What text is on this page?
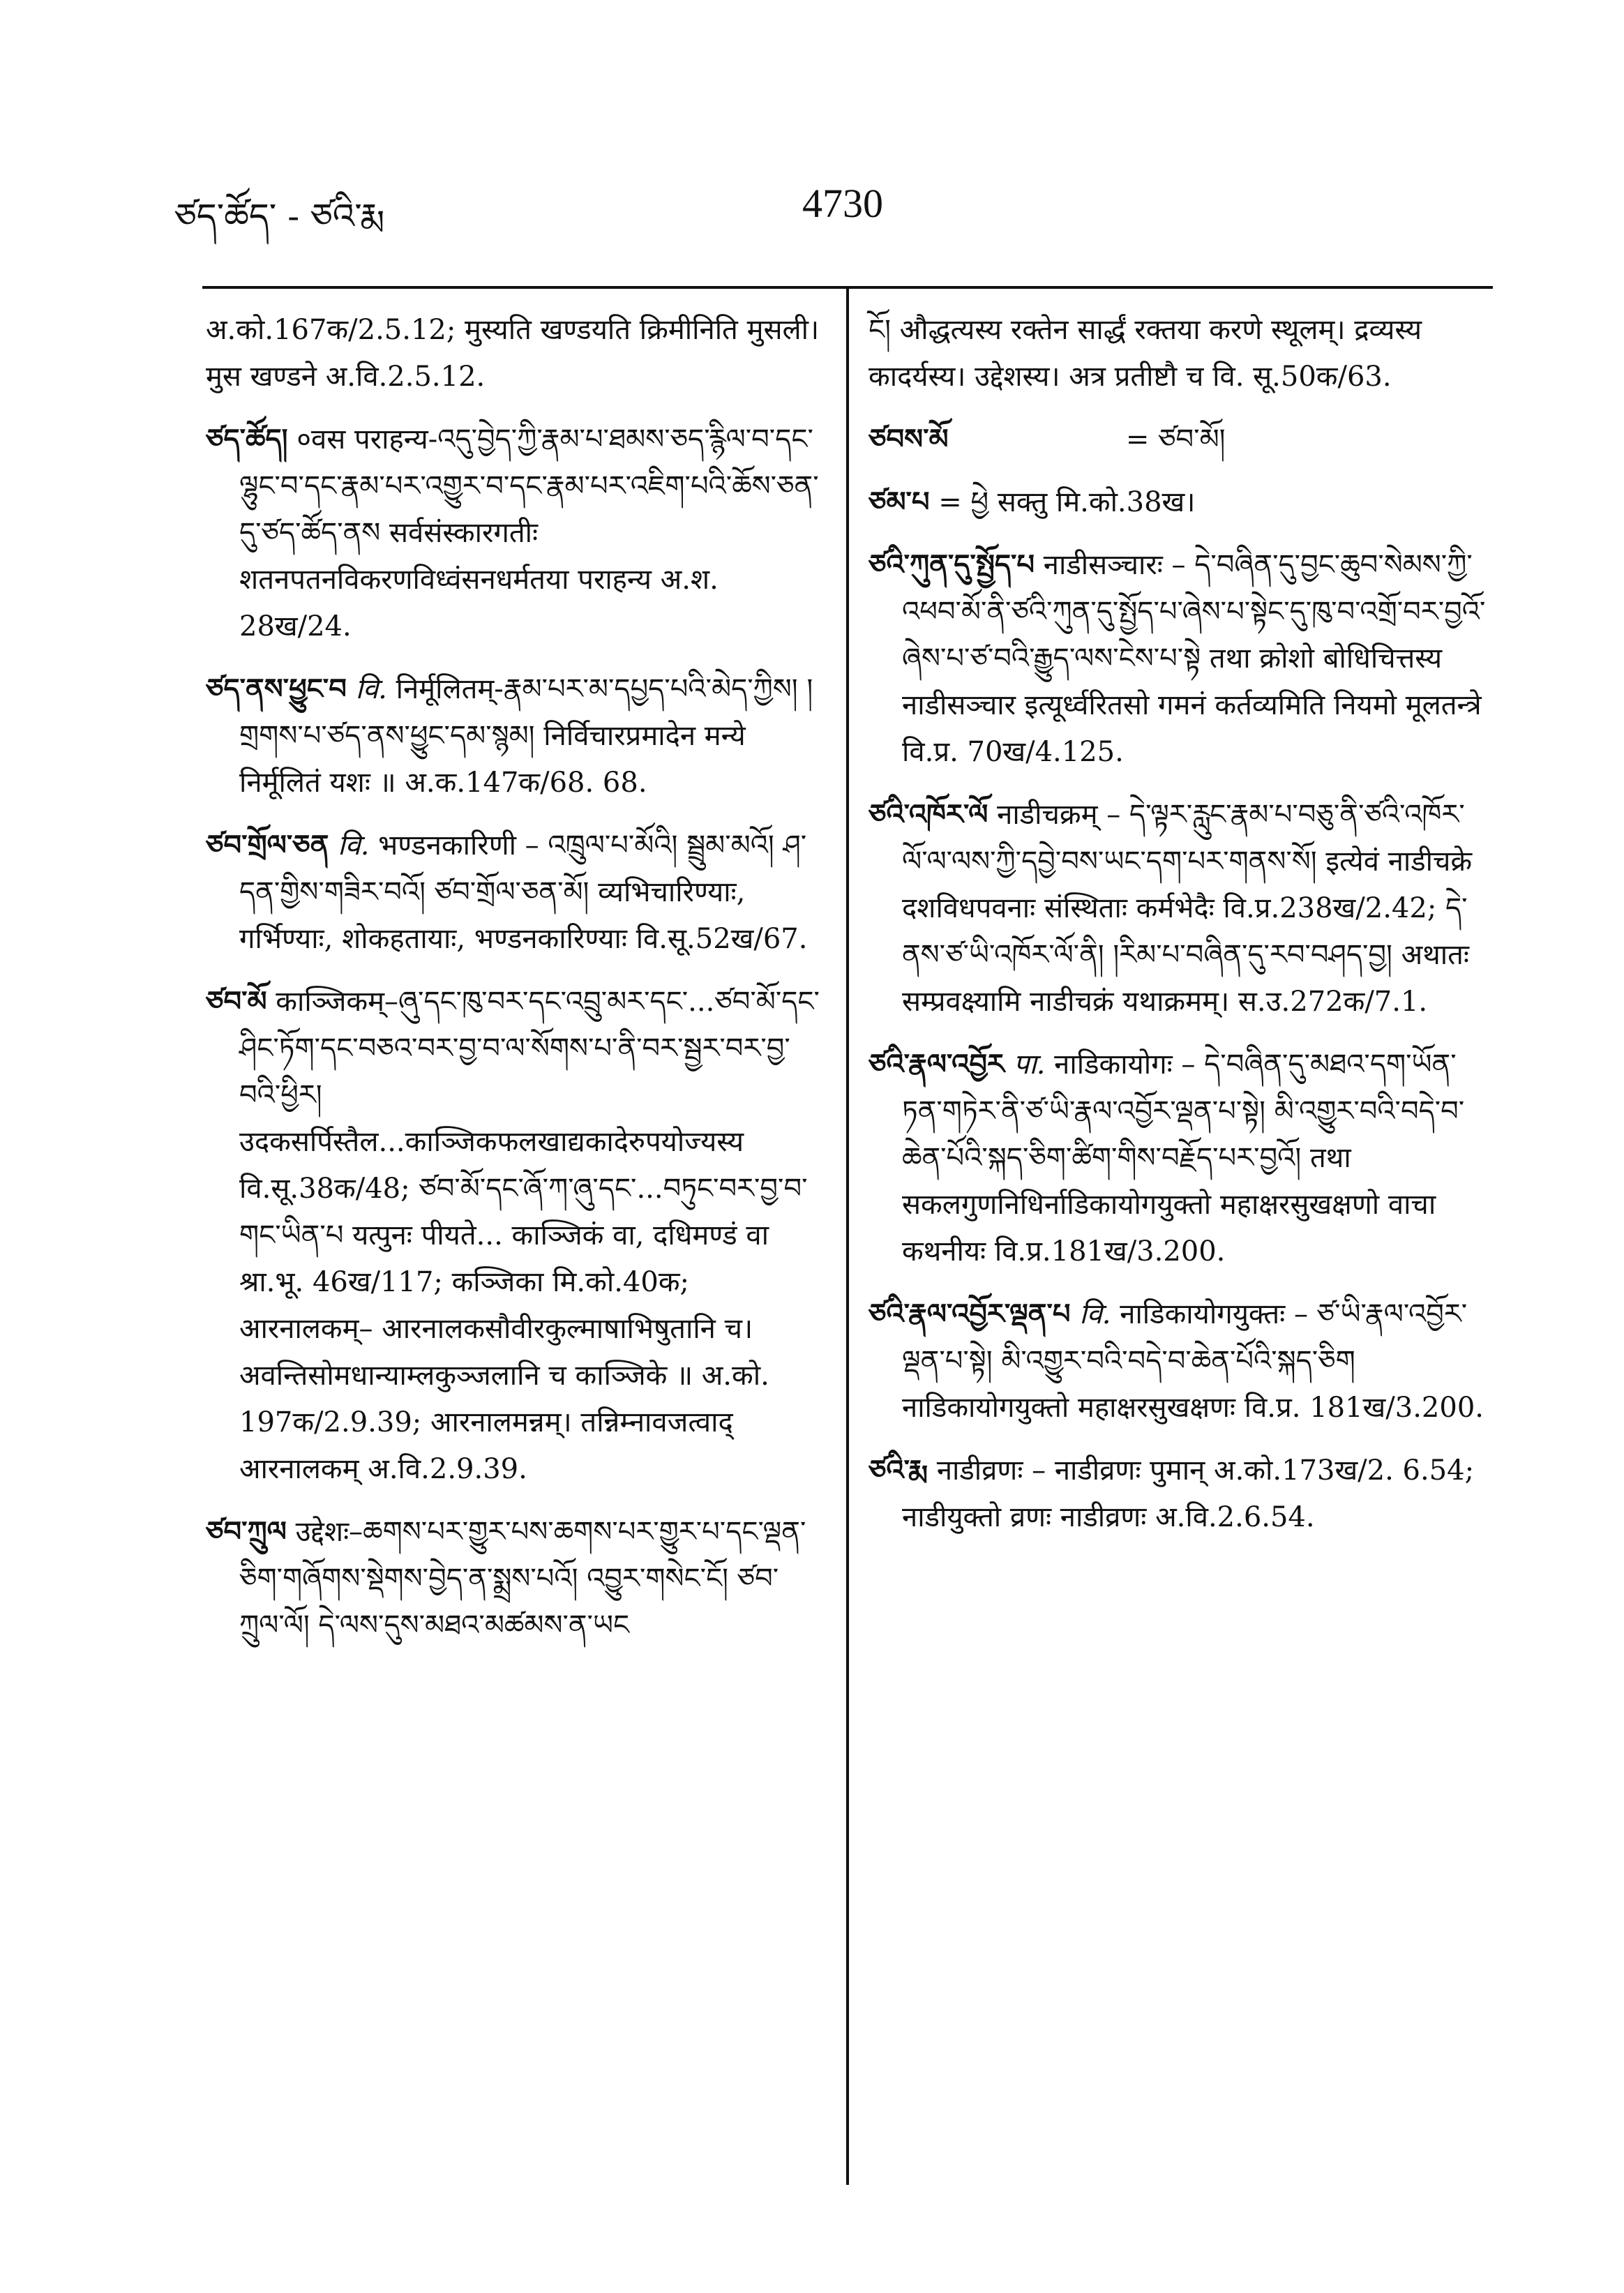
ཙད་ཚོད་ - ཙའི་རྨ	4730

अ.को.167क/2.5.12; मुस्यति खण्डयति क्रिमीनिति मुसली। मुस खण्डने अ.वि.2.5.12.

ཙད་ཚོད། ०वस पराहन्य-འདུ་བྱེད་ཀྱི་རྣམ་པ་ཐམས་ཅད་རྙིལ་བ་དང་ལྷུང་བ་དང་རྣམ་པར་འགྱུར་བ་དང་རྣམ་པར་འཇིག་པའི་ཆོས་ཅན་དུ་ཙད་ཚོད་ནས सर्वसंस्कारगतीः शतनपतनविकरणविध्वंसनधर्मतया पराहन्य अ.श. 28ख/24.

ཙད་ནས་ཕྱུང་བ वि. निर्मूलितम्-རྣམ་པར་མ་དཔྱད་པའི་མེད་ཀྱིས། །གྲགས་པ་ཙད་ནས་ཕྱུང་དམ་སྙམ། निर्विचारप्रमादेन मन्ये निर्मूलितं यशः ॥ अ.क.147क/68. 68.

ཙབ་གྲོལ་ཅན वि. भण्डनकारिणी – འཁྲུལ་པ་མོའི། སྦྲུམ་མའོ། ཤ་དན་གྱིས་གཟིར་བའོ། ཙབ་གྲོལ་ཅན་མོ། व्यभिचारिण्याः, गर्भिण्याः, शोकहतायाः, भण्डनकारिण्याः वि.सू.52ख/67.

ཙབ་མོ काञ्जिकम्–ཞུ་དང་ཁུ་བར་དང་འབྲུ་མར་དང་...ཙབ་མོ་དང་ཤིང་ཏོག་དང་བཅའ་བར་བྱ་བ་ལ་སོགས་པ་ནི་བར་སྦྱར་བར་བྱ་བའི་ཕྱིར། उदकसर्पिस्तैल...काञ्जिकफलखाद्यकादेरुपयोज्यस्य वि.सू.38क/48; ཙབ་མོ་དང་ཞོ་ཀ་ཞུ་དང་...བཏུང་བར་བྱ་བ་གང་ཡིན་པ यत्पुनः पीयते... काञ्जिकं वा, दधिमण्डं वा श्रा.भू. 46ख/117; कञ्जिका मि.को.40क; आरनालकम्– आरनालकसौवीरकुल्माषाभिषुतानि च। अवन्तिसोमधान्याम्लकुञ्जलानि च काञ्जिके ॥ अ.को. 197क/2.9.39; आरनालमन्नम्। तन्निम्नावजत्वाद् आरनालकम् अ.वि.2.9.39.

ཙབ་ཀྲུལ उद्देशः–ཆགས་པར་གྱུར་པས་ཆགས་པར་གྱུར་པ་དང་ལྡན་ཅིག་གཞོགས་སྡེགས་བྱེད་ན་སྨྲས་པའོ། འབྱུར་གསེང་ངོ། ཙབ་ཀྲུལ་ལོ། དེ་ལས་དུས་མཐའ་མཚམས་ན་ཡང

ངོ། औद्धत्यस्य रक्तेन सार्द्धं रक्तया करणे स्थूलम्। द्रव्यस्य कादर्यस्य। उद्देशस्य। अत्र प्रतीष्टौ च वि. सू.50क/63.

ཙབས་མོ	= ཙབ་མོ།

ཙམ་པ = ཕྱེ सक्तु मि.को.38ख।

ཙའི་ཀུན་དུ་སྤྱོད་པ नाडीसञ्चारः – དེ་བཞིན་དུ་བྱང་ཆུབ་སེམས་ཀྱི་འཕབ་མོ་ནི་ཙའི་ཀུན་དུ་སྤྱོད་པ་ཞེས་པ་སྟེང་དུ་ཁུ་བ་འགྲོ་བར་བྱའོ་ཞེས་པ་ཙ་བའི་རྒྱུད་ལས་ངེས་པ་སྟེ तथा क्रोशो बोधिचित्तस्य नाडीसञ्चार इत्यूर्ध्वरितसो गमनं कर्तव्यमिति नियमो मूलतन्त्रे वि.प्र. 70ख/4.125.

ཙའི་འཁོར་ལོ नाडीचक्रम् – དེ་ལྟར་རླུང་རྣམ་པ་བཅུ་ནི་ཙའི་འཁོར་ལོ་ལ་ལས་ཀྱི་དབྱེ་བས་ཡང་དག་པར་གནས་སོ། इत्येवं नाडीचक्रे दशविधपवनाः संस्थिताः कर्मभेदैः वि.प्र.238ख/2.42; དེ་ནས་ཙ་ཡི་འཁོར་ལོ་ནི། །རིམ་པ་བཞིན་དུ་རབ་བཤད་བྱ། अथातः सम्प्रवक्ष्यामि नाडीचक्रं यथाक्रमम्। स.उ.272क/7.1.

ཙའི་རྣལ་འབྱོར पा. नाडिकायोगः – དེ་བཞིན་དུ་མཐའ་དག་ཡོན་ཏན་གཏེར་ནི་ཙ་ཡི་རྣལ་འབྱོར་ལྡན་པ་སྟེ། མི་འགྱུར་བའི་བདེ་བ་ཆེན་པོའི་སྐད་ཅིག་ཚིག་གིས་བརྗོད་པར་བྱའོ། तथा सकलगुणनिधिर्नाडिकायोगयुक्तो महाक्षरसुखक्षणो वाचा कथनीयः वि.प्र.181ख/3.200.

ཙའི་རྣལ་འབྱོར་ལྡན་པ वि. नाडिकायोगयुक्तः – ཙ་ཡི་རྣལ་འབྱོར་ལྡན་པ་སྟེ། མི་འགྱུར་བའི་བདེ་བ་ཆེན་པོའི་སྐད་ཅིག नाडिकायोगयुक्तो महाक्षरसुखक्षणः वि.प्र. 181ख/3.200.

ཙའི་རྨ नाडीव्रणः – नाडीव्रणः पुमान् अ.को.173ख/2. 6.54; नाडीयुक्तो व्रणः नाडीव्रणः अ.वि.2.6.54.
